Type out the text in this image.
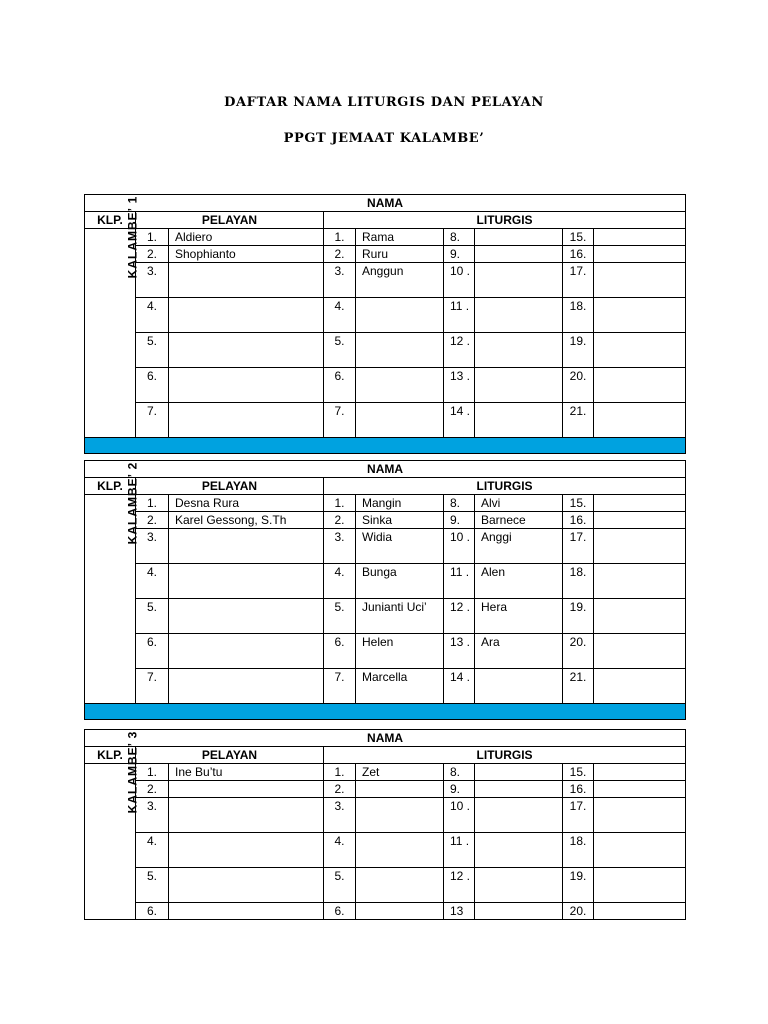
DAFTAR NAMA LITURGIS DAN PELAYAN
PPGT JEMAAT KALAMBE’
NAMA								
KLP.	PELAYAN		LITURGIS					
KALAMBE’ 1	1.	Aldiero	1.	Rama	8.		15.	
	2.	Shophianto	2.	Ruru	9.		16.	
	3.		3.	Anggun	10 .		17.	
	4.		4.		11 .		18.	
	5.		5.		12 .		19.	
	6.		6.		13 .		20.	
	7.		7.		14 .		21.	

NAMA								
KLP.	PELAYAN		LITURGIS					
KALAMBE’ 2	1.	Desna Rura	1.	Mangin	8.	Alvi	15.	
	2.	Karel Gessong, S.Th	2.	Sinka	9.	Barnece	16.	
	3.		3.	Widia	10 .	Anggi	17.	
	4.		4.	Bunga	11 .	Alen	18.	
	5.		5.	Junianti Uci’	12 .	Hera	19.	
	6.		6.	Helen	13 .	Ara	20.	
	7.		7.	Marcella	14 .		21.	

NAMA								
KLP.	PELAYAN		LITURGIS					
KALAMBE’ 3	1.	Ine Bu’tu	1.	Zet	8.		15.	
	2.		2.		9.		16.	
	3.		3.		10 .		17.	
	4.		4.		11 .		18.	
	5.		5.		12 .		19.	
	6.		6.		13		20.	
